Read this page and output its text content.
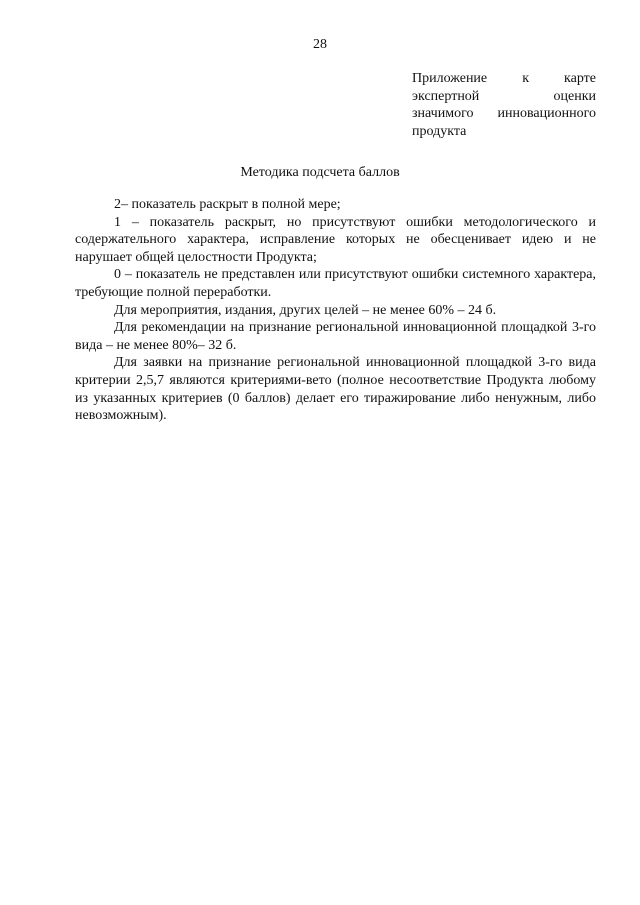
28
Приложение к карте
экспертной оценки
значимого инновационного
продукта
Методика подсчета баллов

2– показатель раскрыт в полной мере;

1 – показатель раскрыт, но присутствуют ошибки методологического и содержательного характера, исправление которых не обесценивает идею и не нарушает общей целостности Продукта;

0 – показатель не представлен или присутствуют ошибки системного характера, требующие полной переработки.

Для мероприятия, издания, других целей – не менее 60% – 24 б.

Для рекомендации на признание региональной инновационной площадкой 3-го вида – не менее 80%– 32 б.

Для заявки на признание региональной инновационной площадкой 3-го вида критерии 2,5,7 являются критериями-вето (полное несоответствие Продукта любому из указанных критериев (0 баллов) делает его тиражирование либо ненужным, либо невозможным).
